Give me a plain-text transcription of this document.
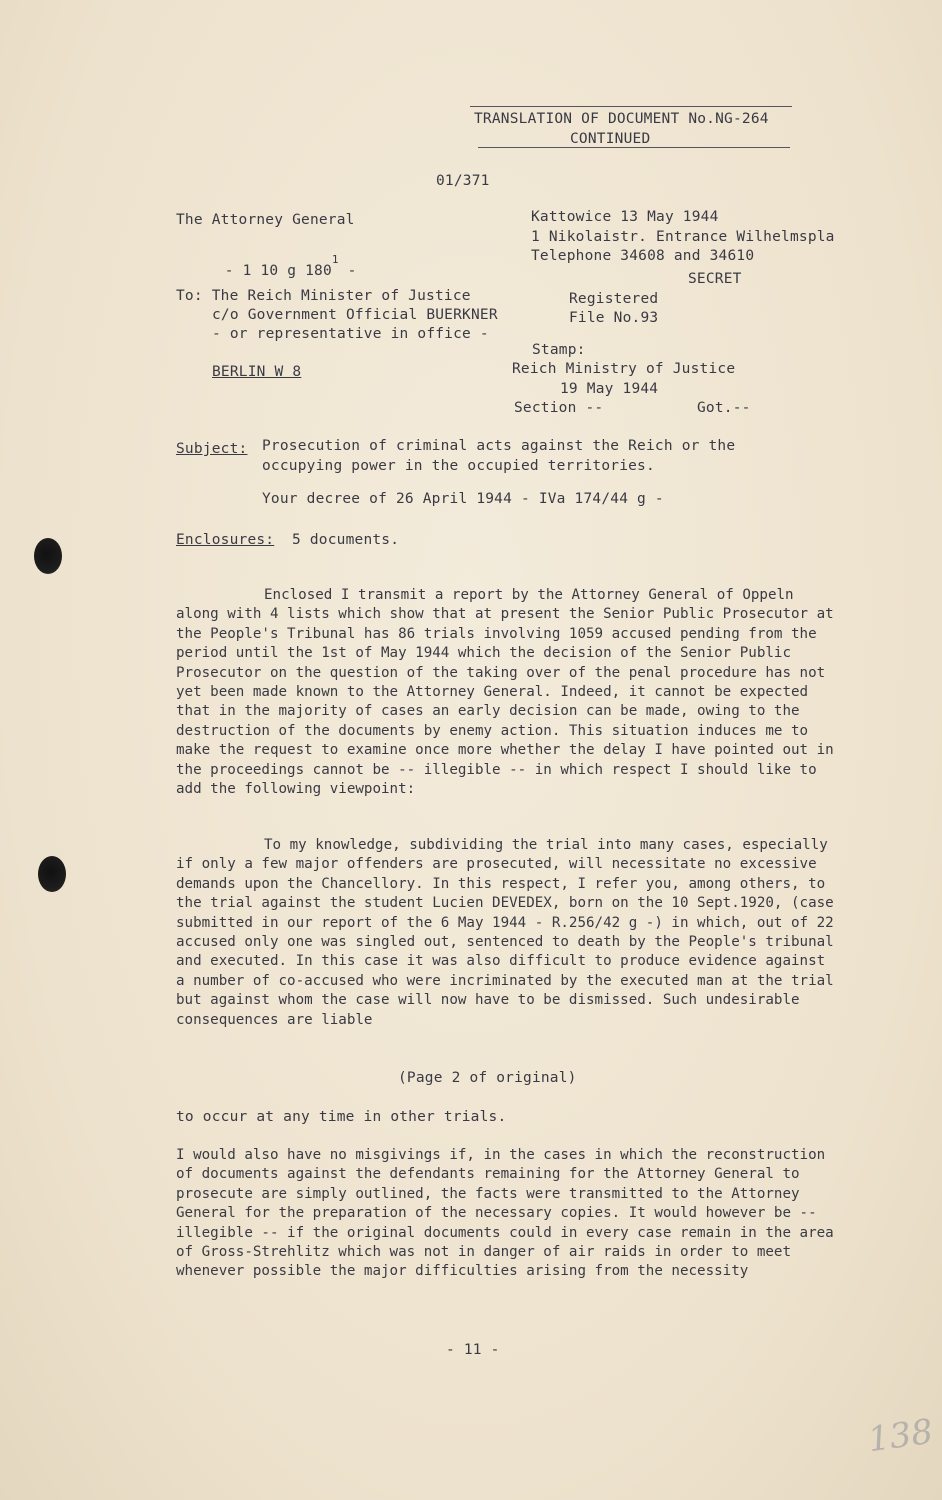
TRANSLATION OF DOCUMENT No.NG-264
CONTINUED
01/371
The Attorney General

- 1 10 g $180^1$ -

Kattowice 13 May 1944
1 Nikolaistr. Entrance Wilhelmspla
Telephone 34608 and 34610
SECRET
To: The Reich Minister of Justice
c/o Government Official BUERKNER
- or representative in office -
BERLIN W 8
Registered
File No.93
Stamp:
Reich Ministry of Justice
19 May 1944
Section --	Got.--
Subject: Prosecution of criminal acts against the Reich or the
occupying power in the occupied territories.
Your decree of 26 April 1944 - IVa 174/44 g -
Enclosures: 5 documents.

Enclosed I transmit a report by the Attorney General of Oppeln along with 4 lists which show that at present the Senior Public Prosecutor at the People's Tribunal has 86 trials involving 1059 accused pending from the period until the 1st of May 1944 which the decision of the Senior Public Prosecutor on the question of the taking over of the penal procedure has not yet been made known to the Attorney General. Indeed, it cannot be expected that in the majority of cases an early decision can be made, owing to the destruction of the documents by enemy action. This situation induces me to make the request to examine once more whether the delay I have pointed out in the proceedings cannot be -- illegible -- in which respect I should like to add the following viewpoint:

To my knowledge, subdividing the trial into many cases, especially if only a few major offenders are prosecuted, will necessitate no excessive demands upon the Chancellory. In this respect, I refer you, among others, to the trial against the student Lucien DEVEDEX, born on the 10 Sept.1920, (case submitted in our report of the 6 May 1944 - R.256/42 g -) in which, out of 22 accused only one was singled out, sentenced to death by the People's tribunal and executed. In this case it was also difficult to produce evidence against a number of co-accused who were incriminated by the executed man at the trial but against whom the case will now have to be dismissed. Such undesirable consequences are liable

(Page 2 of original)
to occur at any time in other trials.

I would also have no misgivings if, in the cases in which the reconstruction of documents against the defendants remaining for the Attorney General to prosecute are simply outlined, the facts were transmitted to the Attorney General for the preparation of the necessary copies. It would however be -- illegible -- if the original documents could in every case remain in the area of Gross-Strehlitz which was not in danger of air raids in order to meet whenever possible the major difficulties arising from the necessity

- 11 -
138
